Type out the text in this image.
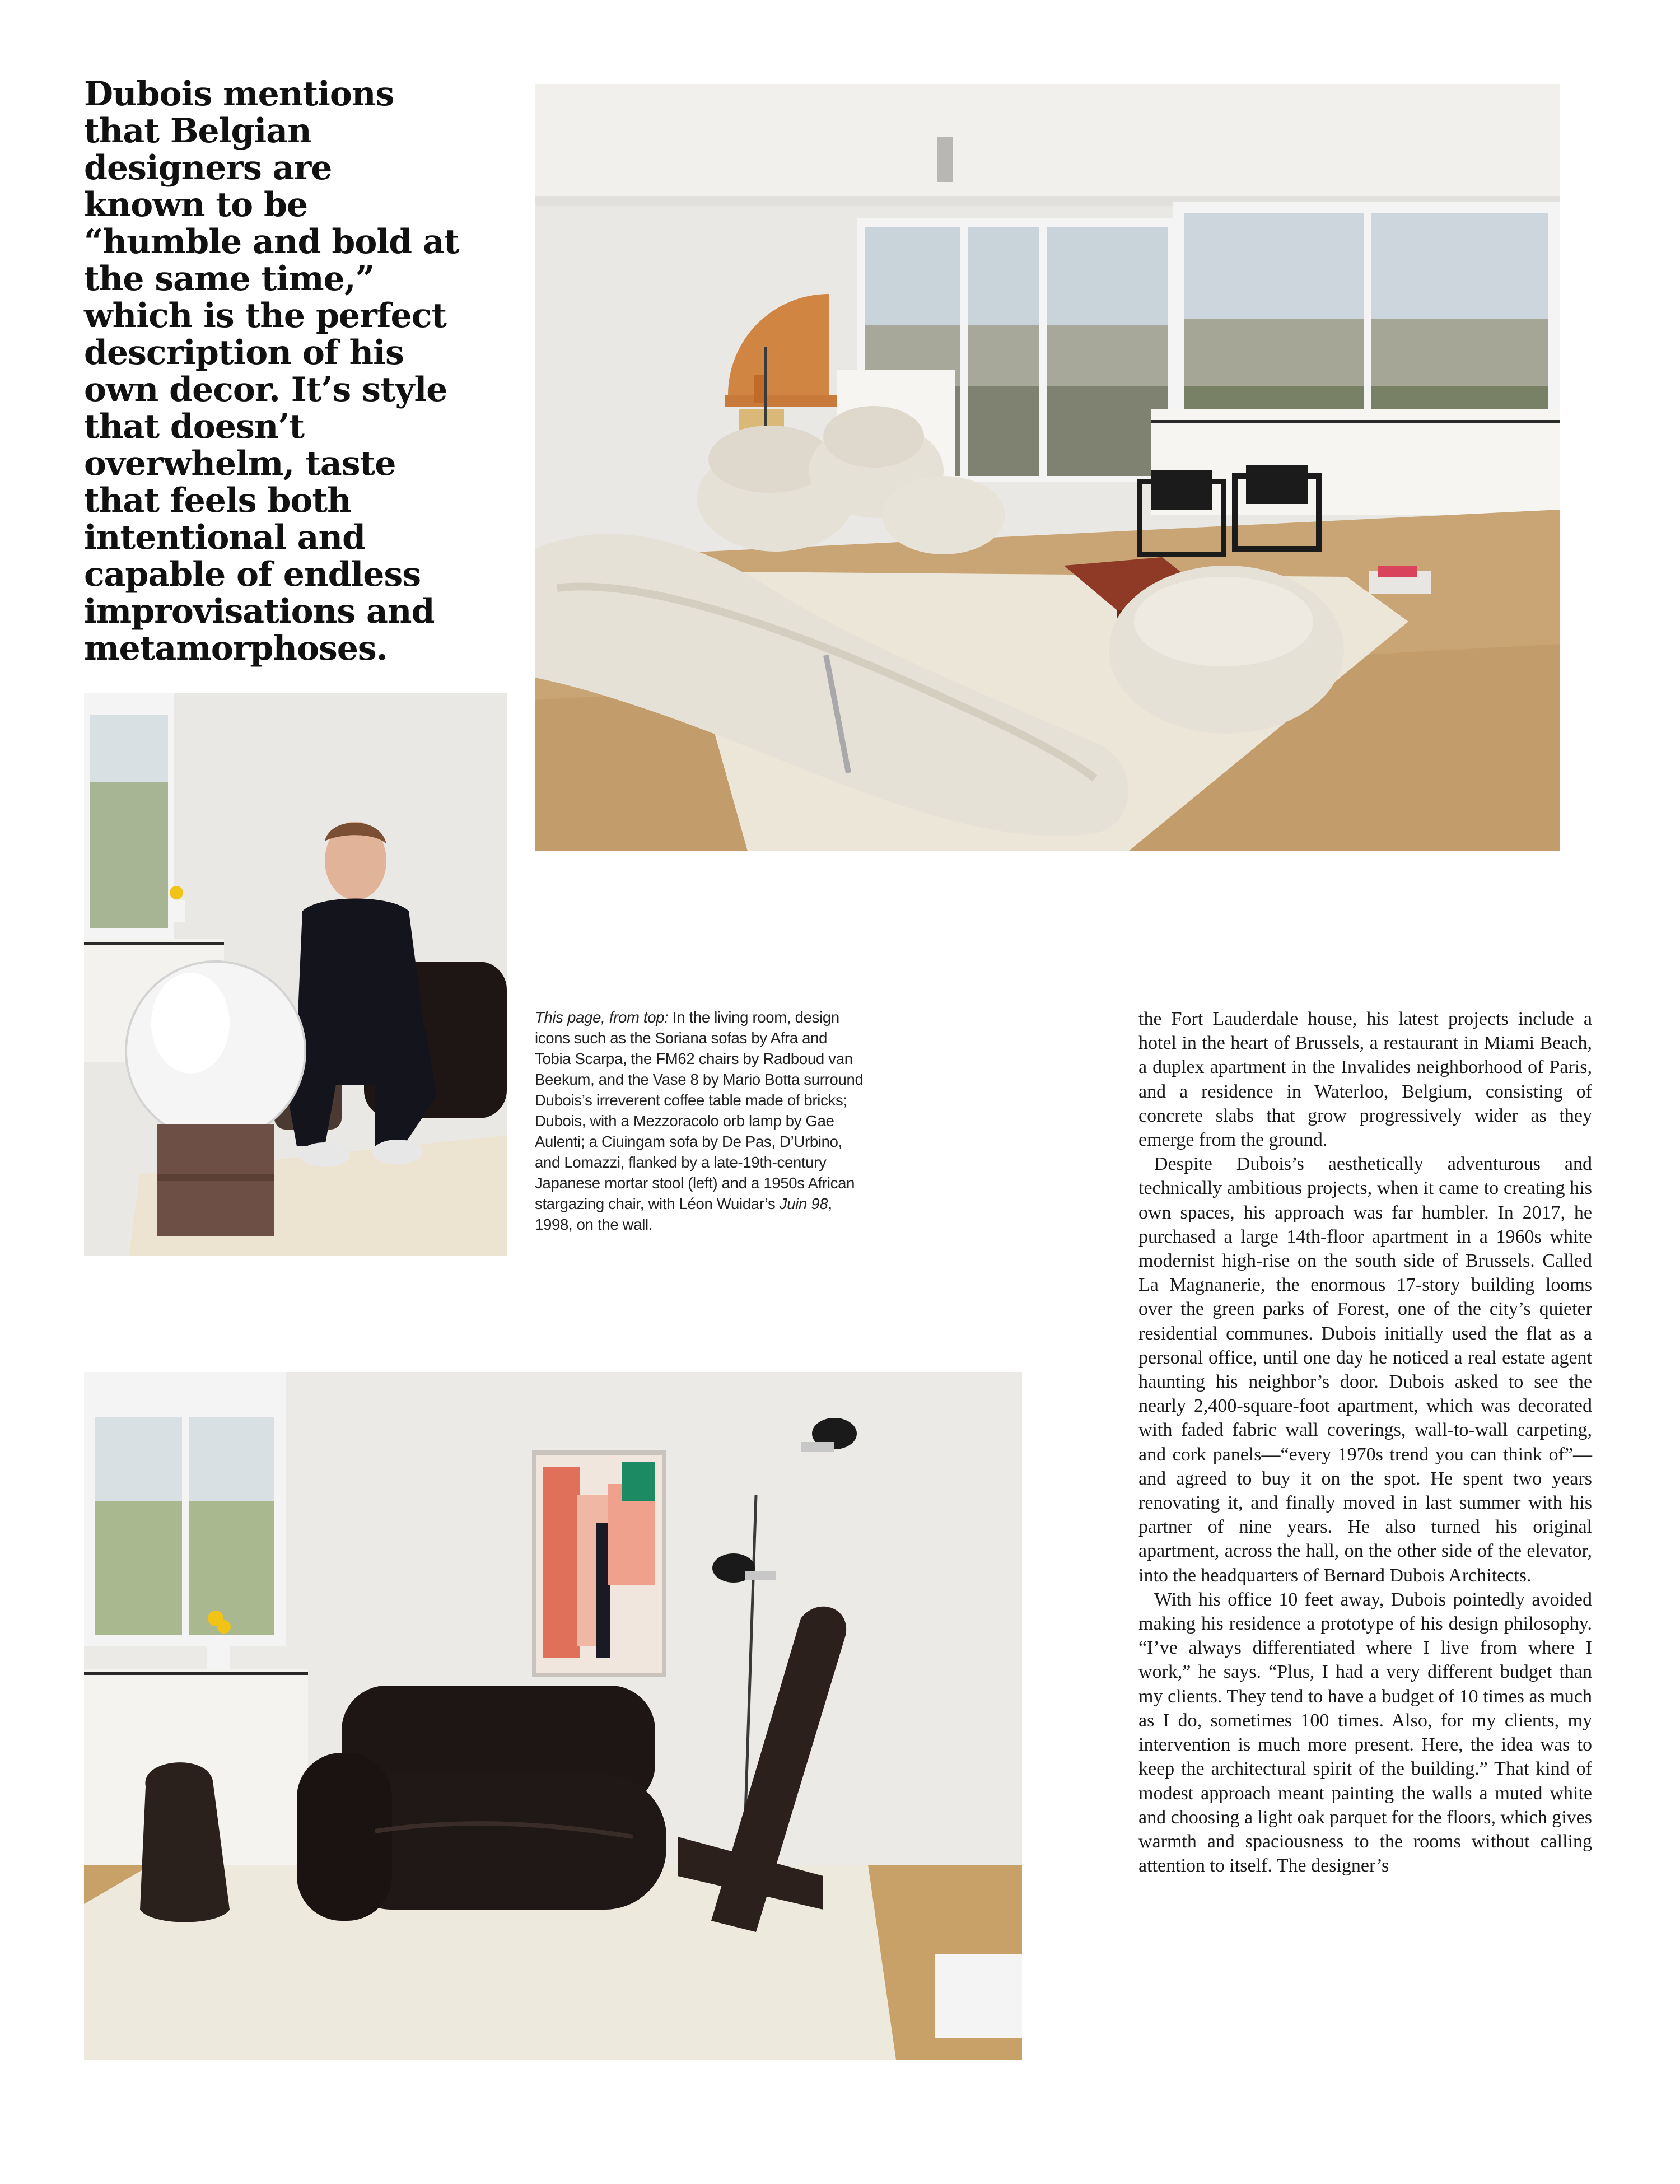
Dubois mentions that Belgian designers are known to be “humble and bold at the same time,” which is the perfect description of his own decor. It’s style that doesn’t overwhelm, taste that feels both intentional and capable of endless improvisations and metamorphoses.
This page, from top: In the living room, design icons such as the Soriana sofas by Afra and Tobia Scarpa, the FM62 chairs by Radboud van Beekum, and the Vase 8 by Mario Botta surround Dubois’s irreverent coffee table made of bricks; Dubois, with a Mezzoracolo orb lamp by Gae Aulenti; a Ciuingam sofa by De Pas, D’Urbino, and Lomazzi, flanked by a late-19th-century Japanese mortar stool (left) and a 1950s African stargazing chair, with Léon Wuidar’s Juin 98, 1998, on the wall.

the Fort Lauderdale house, his latest projects include a hotel in the heart of Brussels, a restaurant in Miami Beach, a duplex apartment in the Invalides neighborhood of Paris, and a residence in Waterloo, Belgium, consisting of concrete slabs that grow progressively wider as they emerge from the ground.

Despite Dubois’s aesthetically adventurous and technically ambitious projects, when it came to creating his own spaces, his approach was far humbler. In 2017, he purchased a large 14th-floor apartment in a 1960s white modernist high-rise on the south side of Brussels. Called La Magnanerie, the enormous 17-story building looms over the green parks of Forest, one of the city’s quieter residential communes. Dubois initially used the flat as a personal office, until one day he noticed a real estate agent haunting his neighbor’s door. Dubois asked to see the nearly 2,400-square-foot apartment, which was decorated with faded fabric wall coverings, wall-to-wall carpeting, and cork panels—“every 1970s trend you can think of”—and agreed to buy it on the spot. He spent two years renovating it, and finally moved in last summer with his partner of nine years. He also turned his original apartment, across the hall, on the other side of the elevator, into the headquarters of Bernard Dubois Architects.

With his office 10 feet away, Dubois pointedly avoided making his residence a prototype of his design philosophy. “I’ve always differentiated where I live from where I work,” he says. “Plus, I had a very different budget than my clients. They tend to have a budget of 10 times as much as I do, sometimes 100 times. Also, for my clients, my intervention is much more present. Here, the idea was to keep the architectural spirit of the building.” That kind of modest approach meant painting the walls a muted white and choosing a light oak parquet for the floors, which gives warmth and spaciousness to the rooms without calling attention to itself. The designer’s
